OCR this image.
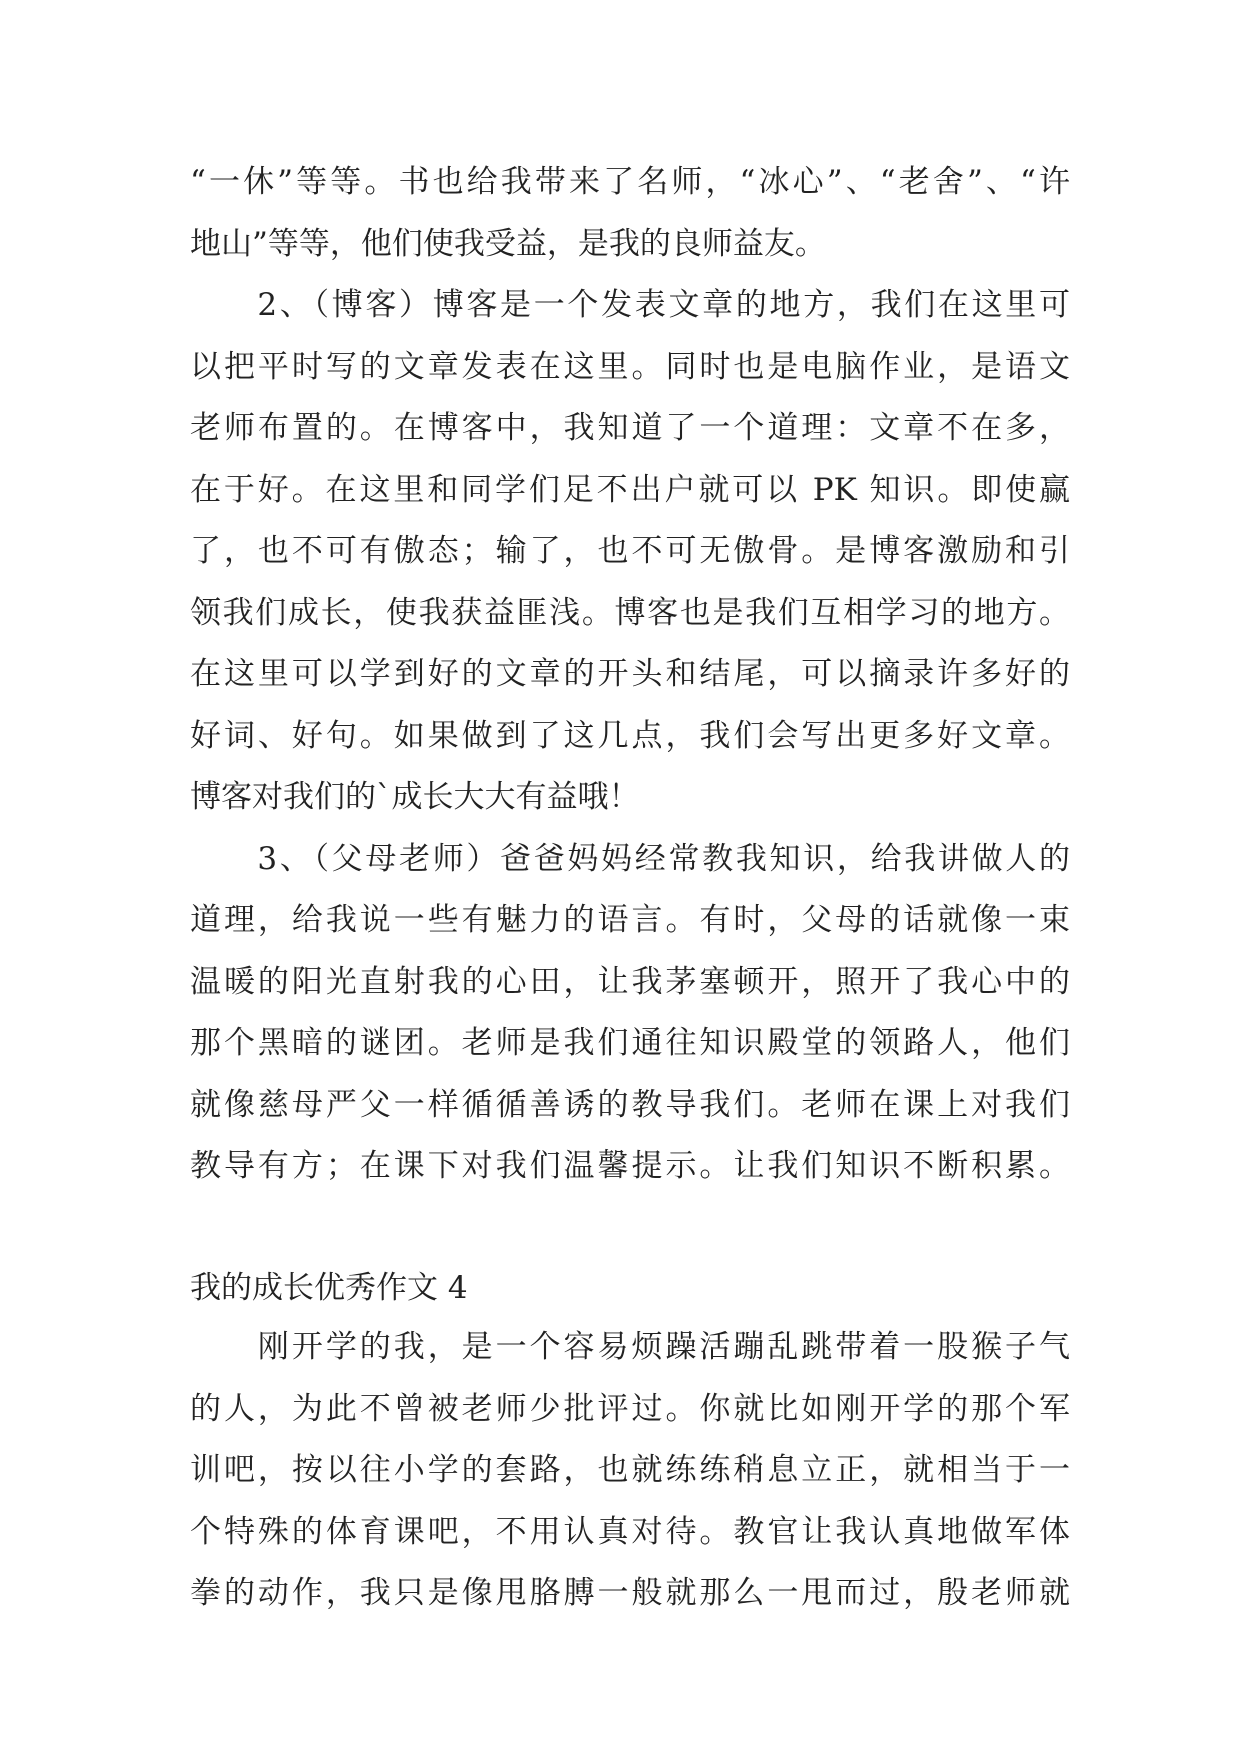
“一休”等等。书也给我带来了名师，“冰心”、“老舍”、“许
地山”等等，他们使我受益，是我的良师益友。
　　2、（博客）博客是一个发表文章的地方，我们在这里可
以把平时写的文章发表在这里。同时也是电脑作业，是语文
老师布置的。在博客中，我知道了一个道理：文章不在多，
在于好。在这里和同学们足不出户就可以 PK 知识。即使赢
了，也不可有傲态；输了，也不可无傲骨。是博客激励和引
领我们成长，使我获益匪浅。博客也是我们互相学习的地方。
在这里可以学到好的文章的开头和结尾，可以摘录许多好的
好词、好句。如果做到了这几点，我们会写出更多好文章。
博客对我们的`成长大大有益哦！
　　3、（父母老师）爸爸妈妈经常教我知识，给我讲做人的
道理，给我说一些有魅力的语言。有时，父母的话就像一束
温暖的阳光直射我的心田，让我茅塞顿开，照开了我心中的
那个黑暗的谜团。老师是我们通往知识殿堂的领路人，他们
就像慈母严父一样循循善诱的教导我们。老师在课上对我们
教导有方；在课下对我们温馨提示。让我们知识不断积累。
我的成长优秀作文 4
　　刚开学的我，是一个容易烦躁活蹦乱跳带着一股猴子气
的人，为此不曾被老师少批评过。你就比如刚开学的那个军
训吧，按以往小学的套路，也就练练稍息立正，就相当于一
个特殊的体育课吧，不用认真对待。教官让我认真地做军体
拳的动作，我只是像甩胳膊一般就那么一甩而过，殷老师就
